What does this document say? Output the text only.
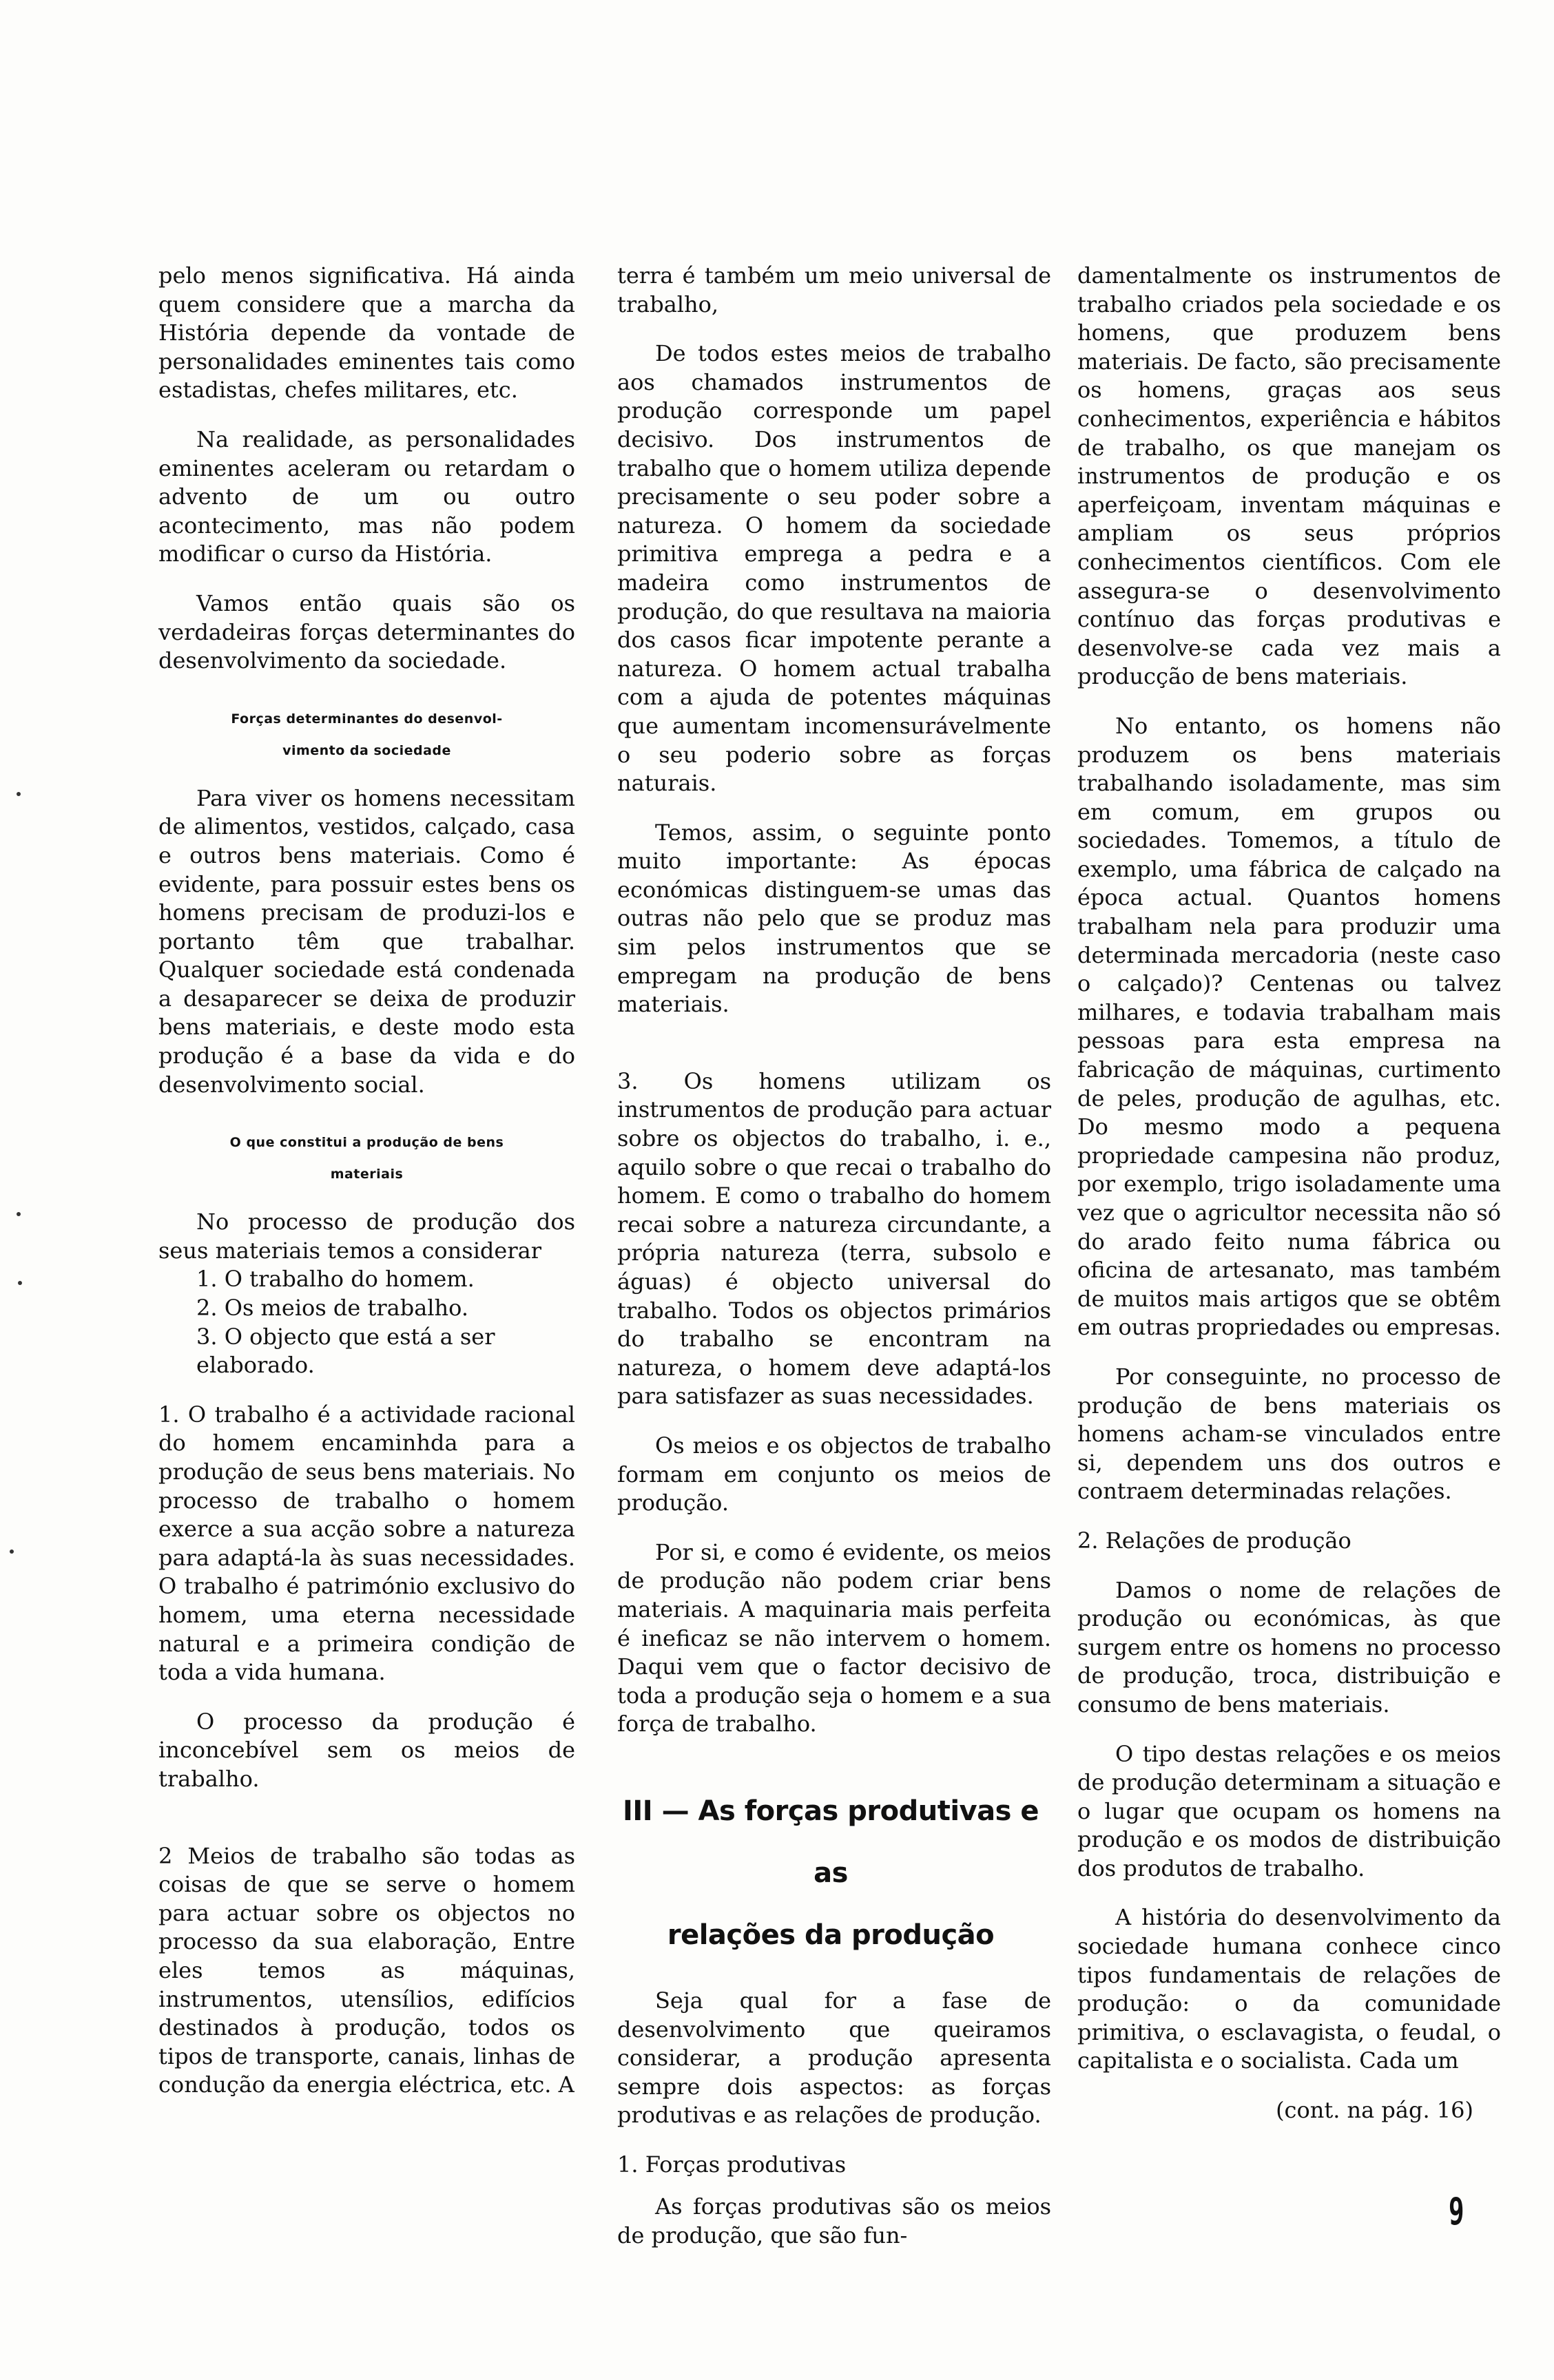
pelo menos significativa. Há ainda quem considere que a marcha da História depende da vontade de personalidades eminentes tais como estadistas, chefes militares, etc.

Na realidade, as personalidades eminentes aceleram ou retardam o advento de um ou outro acontecimento, mas não podem modificar o curso da História.

Vamos então quais são os verdadeiras forças determinantes do desenvolvimento da sociedade.

Forças determinantes do desenvol-
vimento da sociedade

Para viver os homens necessitam de alimentos, vestidos, calçado, casa e outros bens materiais. Como é evidente, para possuir estes bens os homens precisam de produzi-los e portanto têm que trabalhar. Qualquer sociedade está condenada a desaparecer se deixa de produzir bens materiais, e deste modo esta produção é a base da vida e do desenvolvimento social.

O que constitui a produção de bens
materiais

No processo de produção dos seus materiais temos a considerar

1. O trabalho do homem.
2. Os meios de trabalho.
3. O objecto que está a ser elaborado.

1. O trabalho é a actividade racional do homem encaminhda para a produção de seus bens materiais. No processo de trabalho o homem exerce a sua acção sobre a natureza para adaptá-la às suas necessidades. O trabalho é património exclusivo do homem, uma eterna necessidade natural e a primeira condição de toda a vida humana.

O processo da produção é inconcebível sem os meios de trabalho.

2 Meios de trabalho são todas as coisas de que se serve o homem para actuar sobre os objectos no processo da sua elaboração, Entre eles temos as máquinas, instrumentos, utensílios, edifícios destinados à produção, todos os tipos de transporte, canais, linhas de condução da energia eléctrica, etc. A

terra é também um meio universal de trabalho,

De todos estes meios de trabalho aos chamados instrumentos de produção corresponde um papel decisivo. Dos instrumentos de trabalho que o homem utiliza depende precisamente o seu poder sobre a natureza. O homem da sociedade primitiva emprega a pedra e a madeira como instrumentos de produção, do que resultava na maioria dos casos ficar impotente perante a natureza. O homem actual trabalha com a ajuda de potentes máquinas que aumentam incomensurávelmente o seu poderio sobre as forças naturais.

Temos, assim, o seguinte ponto muito importante: As épocas económicas distinguem-se umas das outras não pelo que se produz mas sim pelos instrumentos que se empregam na produção de bens materiais.

3. Os homens utilizam os instrumentos de produção para actuar sobre os objectos do trabalho, i. e., aquilo sobre o que recai o trabalho do homem. E como o trabalho do homem recai sobre a natureza circundante, a própria natureza (terra, subsolo e águas) é objecto universal do trabalho. Todos os objectos primários do trabalho se encontram na natureza, o homem deve adaptá-los para satisfazer as suas necessidades.

Os meios e os objectos de trabalho formam em conjunto os meios de produção.

Por si, e como é evidente, os meios de produção não podem criar bens materiais. A maquinaria mais perfeita é ineficaz se não intervem o homem. Daqui vem que o factor decisivo de toda a produção seja o homem e a sua força de trabalho.

III — As forças produtivas e as
relações da produção

Seja qual for a fase de desenvolvimento que queiramos considerar, a produção apresenta sempre dois aspectos: as forças produtivas e as relações de produção.

1. Forças produtivas

As forças produtivas são os meios de produção, que são fun-

damentalmente os instrumentos de trabalho criados pela sociedade e os homens, que produzem bens materiais. De facto, são precisamente os homens, graças aos seus conhecimentos, experiência e hábitos de trabalho, os que manejam os instrumentos de produção e os aperfeiçoam, inventam máquinas e ampliam os seus próprios conhecimentos científicos. Com ele assegura-se o desenvolvimento contínuo das forças produtivas e desenvolve-se cada vez mais a producção de bens materiais.

No entanto, os homens não produzem os bens materiais trabalhando isoladamente, mas sim em comum, em grupos ou sociedades. Tomemos, a título de exemplo, uma fábrica de calçado na época actual. Quantos homens trabalham nela para produzir uma determinada mercadoria (neste caso o calçado)? Centenas ou talvez milhares, e todavia trabalham mais pessoas para esta empresa na fabricação de máquinas, curtimento de peles, produção de agulhas, etc. Do mesmo modo a pequena propriedade campesina não produz, por exemplo, trigo isoladamente uma vez que o agricultor necessita não só do arado feito numa fábrica ou oficina de artesanato, mas também de muitos mais artigos que se obtêm em outras propriedades ou empresas.

Por conseguinte, no processo de produção de bens materiais os homens acham-se vinculados entre si, dependem uns dos outros e contraem determinadas relações.

2. Relações de produção

Damos o nome de relações de produção ou económicas, às que surgem entre os homens no processo de produção, troca, distribuição e consumo de bens materiais.

O tipo destas relações e os meios de produção determinam a situação e o lugar que ocupam os homens na produção e os modos de distribuição dos produtos de trabalho.

A história do desenvolvimento da sociedade humana conhece cinco tipos fundamentais de relações de produção: o da comunidade primitiva, o esclavagista, o feudal, o capitalista e o socialista. Cada um

(cont. na pág. 16)
9
